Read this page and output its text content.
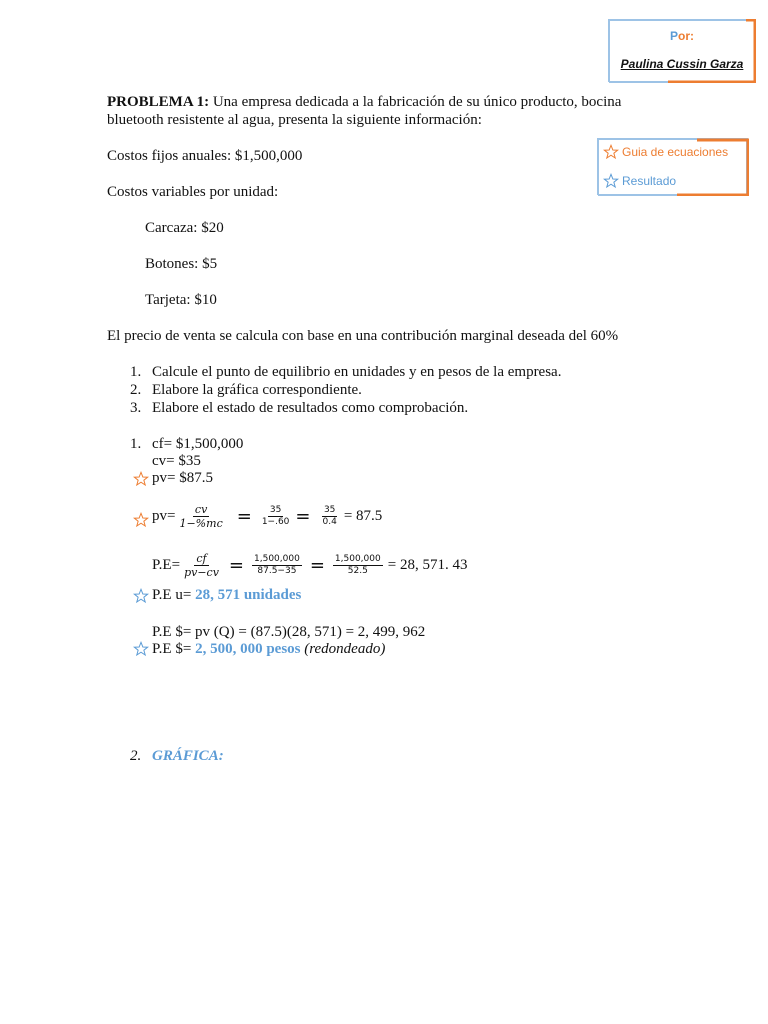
Por:
Paulina Cussin Garza
Guia de ecuaciones
Resultado
PROBLEMA 1: Una empresa dedicada a la fabricación de su único producto, bocina
bluetooth resistente al agua, presenta la siguiente información:
Costos fijos anuales: $1,500,000
Costos variables por unidad:
Carcaza: $20
Botones: $5
Tarjeta: $10
El precio de venta se calcula con base en una contribución marginal deseada del 60%
1. Calcule el punto de equilibrio en unidades y en pesos de la empresa.
2. Elabore la gráfica correspondiente.
3. Elabore el estado de resultados como comprobación.
1. cf= $1,500,000
cv= $35
pv= $87.5
$pv= \frac{cv}{1-\%mc} = \frac{35}{1-.60} = \frac{35}{0.4} = 87.5$
$P.E= \frac{cf}{pv-cv} = \frac{1,500,000}{87.5-35} = \frac{1,500,000}{52.5} = 28$, 571. 43
P.E u= 28, 571 unidades
P.E $= pv (Q) = (87.5)(28, 571) = 2, 499, 962
P.E $= 2, 500, 000 pesos (redondeado)
2. GRÁFICA:
